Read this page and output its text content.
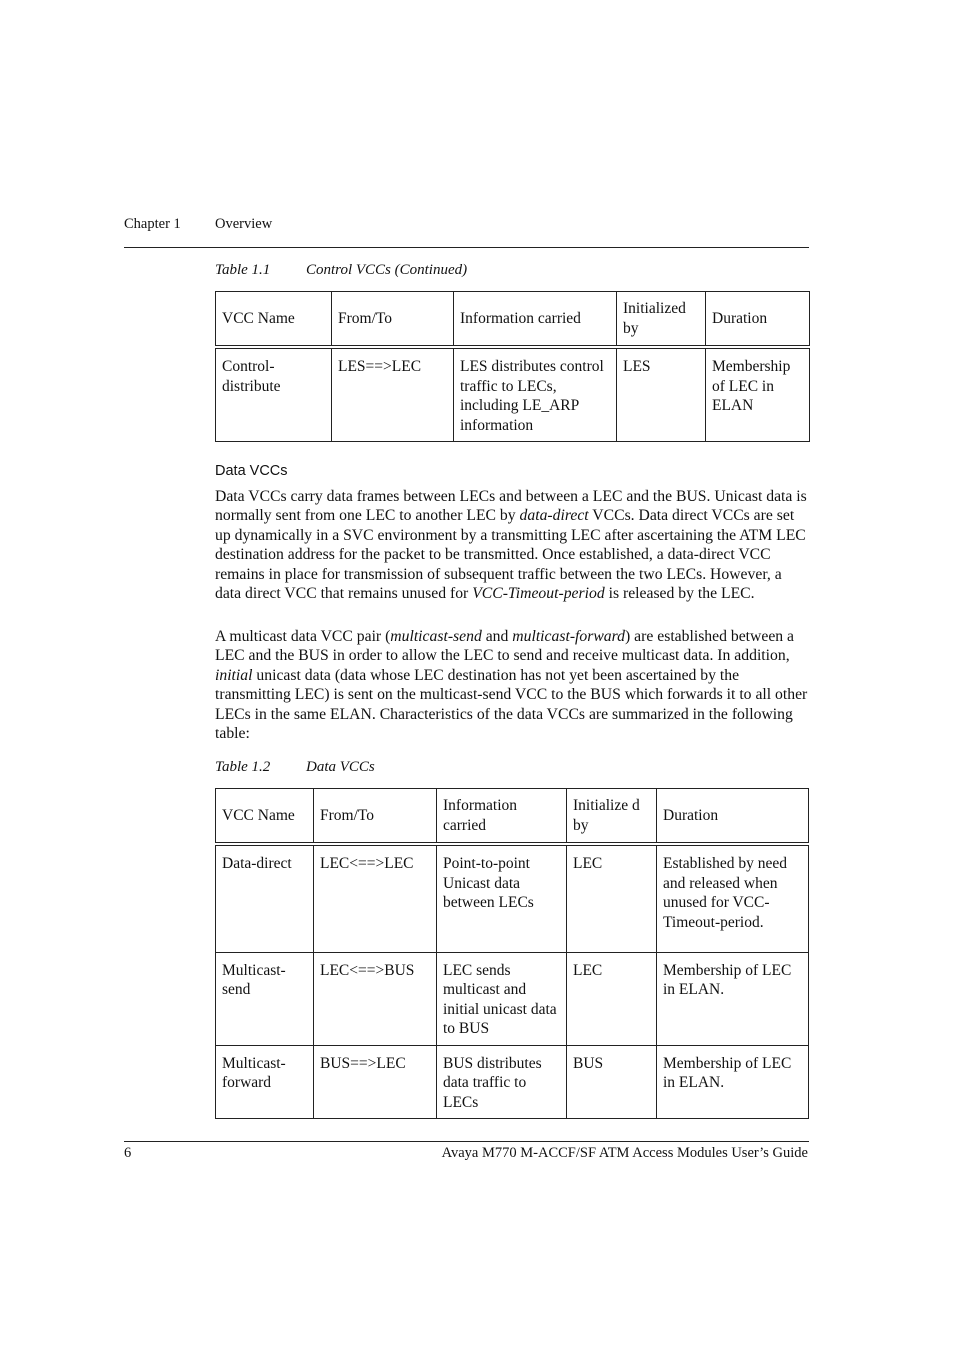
Chapter 1 Overview
Table 1.1 Control VCCs (Continued)
VCC Name	From/To	Information carried	Initialized by	Duration
Control-distribute	LES==>LEC	LES distributes control traffic to LECs, including LE_ARP information	LES	Membership of LEC in ELAN
Data VCCs

Data VCCs carry data frames between LECs and between a LEC and the BUS. Unicast data is normally sent from one LEC to another LEC by data-direct VCCs. Data direct VCCs are set up dynamically in a SVC environment by a transmitting LEC after ascertaining the ATM LEC destination address for the packet to be transmitted. Once established, a data-direct VCC remains in place for transmission of subsequent traffic between the two LECs. However, a data direct VCC that remains unused for VCC-Timeout-period is released by the LEC.

A multicast data VCC pair (multicast-send and multicast-forward) are established between a LEC and the BUS in order to allow the LEC to send and receive multicast data. In addition, initial unicast data (data whose LEC destination has not yet been ascertained by the transmitting LEC) is sent on the multicast-send VCC to the BUS which forwards it to all other LECs in the same ELAN. Characteristics of the data VCCs are summarized in the following table:

Table 1.2 Data VCCs
VCC Name	From/To	Information carried	Initialize d by	Duration
Data-direct	LEC<==>LEC	Point-to-point Unicast data between LECs	LEC	Established by need and released when unused for VCC-Timeout-period.
Multicast-send	LEC<==>BUS	LEC sends multicast and initial unicast data to BUS	LEC	Membership of LEC in ELAN.
Multicast-forward	BUS==>LEC	BUS distributes data traffic to LECs	BUS	Membership of LEC in ELAN.
6	Avaya M770 M-ACCF/SF ATM Access Modules User’s Guide
